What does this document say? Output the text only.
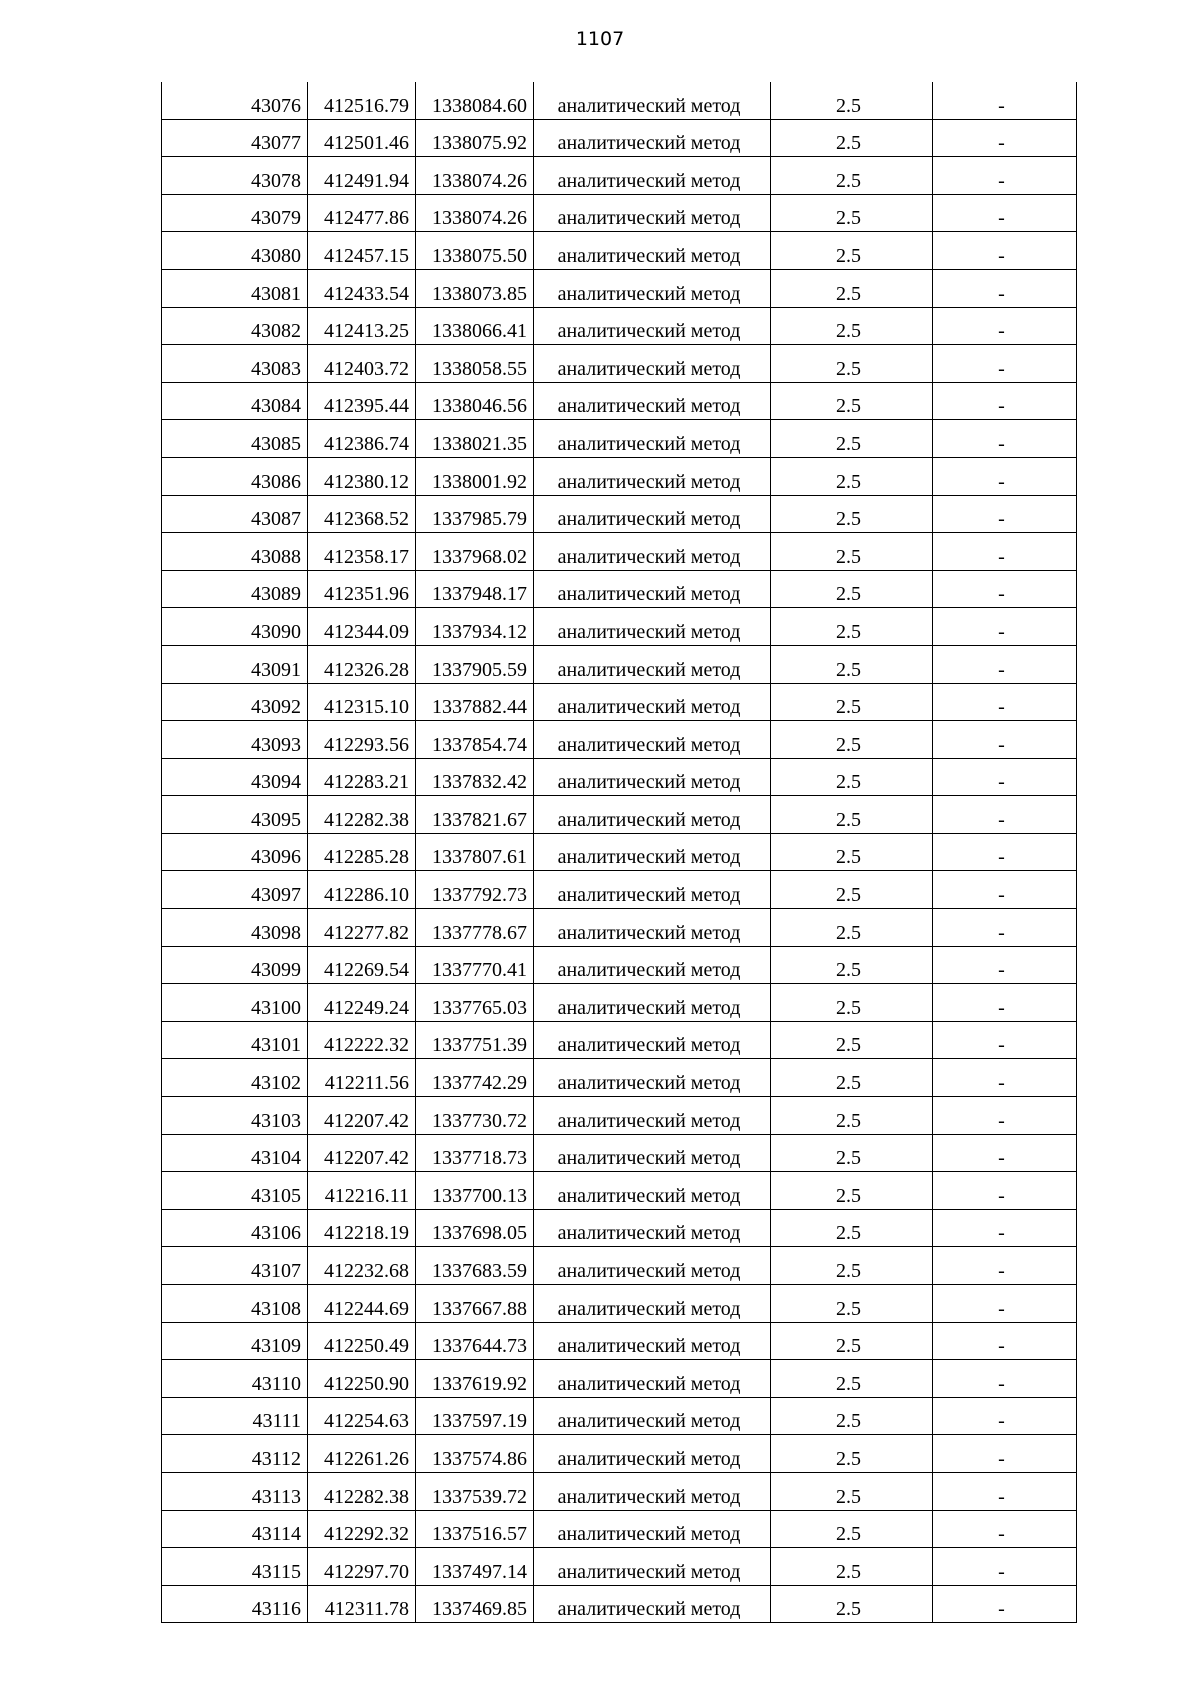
1107
43076	412516.79	1338084.60	аналитический метод	2.5	-
43077	412501.46	1338075.92	аналитический метод	2.5	-
43078	412491.94	1338074.26	аналитический метод	2.5	-
43079	412477.86	1338074.26	аналитический метод	2.5	-
43080	412457.15	1338075.50	аналитический метод	2.5	-
43081	412433.54	1338073.85	аналитический метод	2.5	-
43082	412413.25	1338066.41	аналитический метод	2.5	-
43083	412403.72	1338058.55	аналитический метод	2.5	-
43084	412395.44	1338046.56	аналитический метод	2.5	-
43085	412386.74	1338021.35	аналитический метод	2.5	-
43086	412380.12	1338001.92	аналитический метод	2.5	-
43087	412368.52	1337985.79	аналитический метод	2.5	-
43088	412358.17	1337968.02	аналитический метод	2.5	-
43089	412351.96	1337948.17	аналитический метод	2.5	-
43090	412344.09	1337934.12	аналитический метод	2.5	-
43091	412326.28	1337905.59	аналитический метод	2.5	-
43092	412315.10	1337882.44	аналитический метод	2.5	-
43093	412293.56	1337854.74	аналитический метод	2.5	-
43094	412283.21	1337832.42	аналитический метод	2.5	-
43095	412282.38	1337821.67	аналитический метод	2.5	-
43096	412285.28	1337807.61	аналитический метод	2.5	-
43097	412286.10	1337792.73	аналитический метод	2.5	-
43098	412277.82	1337778.67	аналитический метод	2.5	-
43099	412269.54	1337770.41	аналитический метод	2.5	-
43100	412249.24	1337765.03	аналитический метод	2.5	-
43101	412222.32	1337751.39	аналитический метод	2.5	-
43102	412211.56	1337742.29	аналитический метод	2.5	-
43103	412207.42	1337730.72	аналитический метод	2.5	-
43104	412207.42	1337718.73	аналитический метод	2.5	-
43105	412216.11	1337700.13	аналитический метод	2.5	-
43106	412218.19	1337698.05	аналитический метод	2.5	-
43107	412232.68	1337683.59	аналитический метод	2.5	-
43108	412244.69	1337667.88	аналитический метод	2.5	-
43109	412250.49	1337644.73	аналитический метод	2.5	-
43110	412250.90	1337619.92	аналитический метод	2.5	-
43111	412254.63	1337597.19	аналитический метод	2.5	-
43112	412261.26	1337574.86	аналитический метод	2.5	-
43113	412282.38	1337539.72	аналитический метод	2.5	-
43114	412292.32	1337516.57	аналитический метод	2.5	-
43115	412297.70	1337497.14	аналитический метод	2.5	-
43116	412311.78	1337469.85	аналитический метод	2.5	-
